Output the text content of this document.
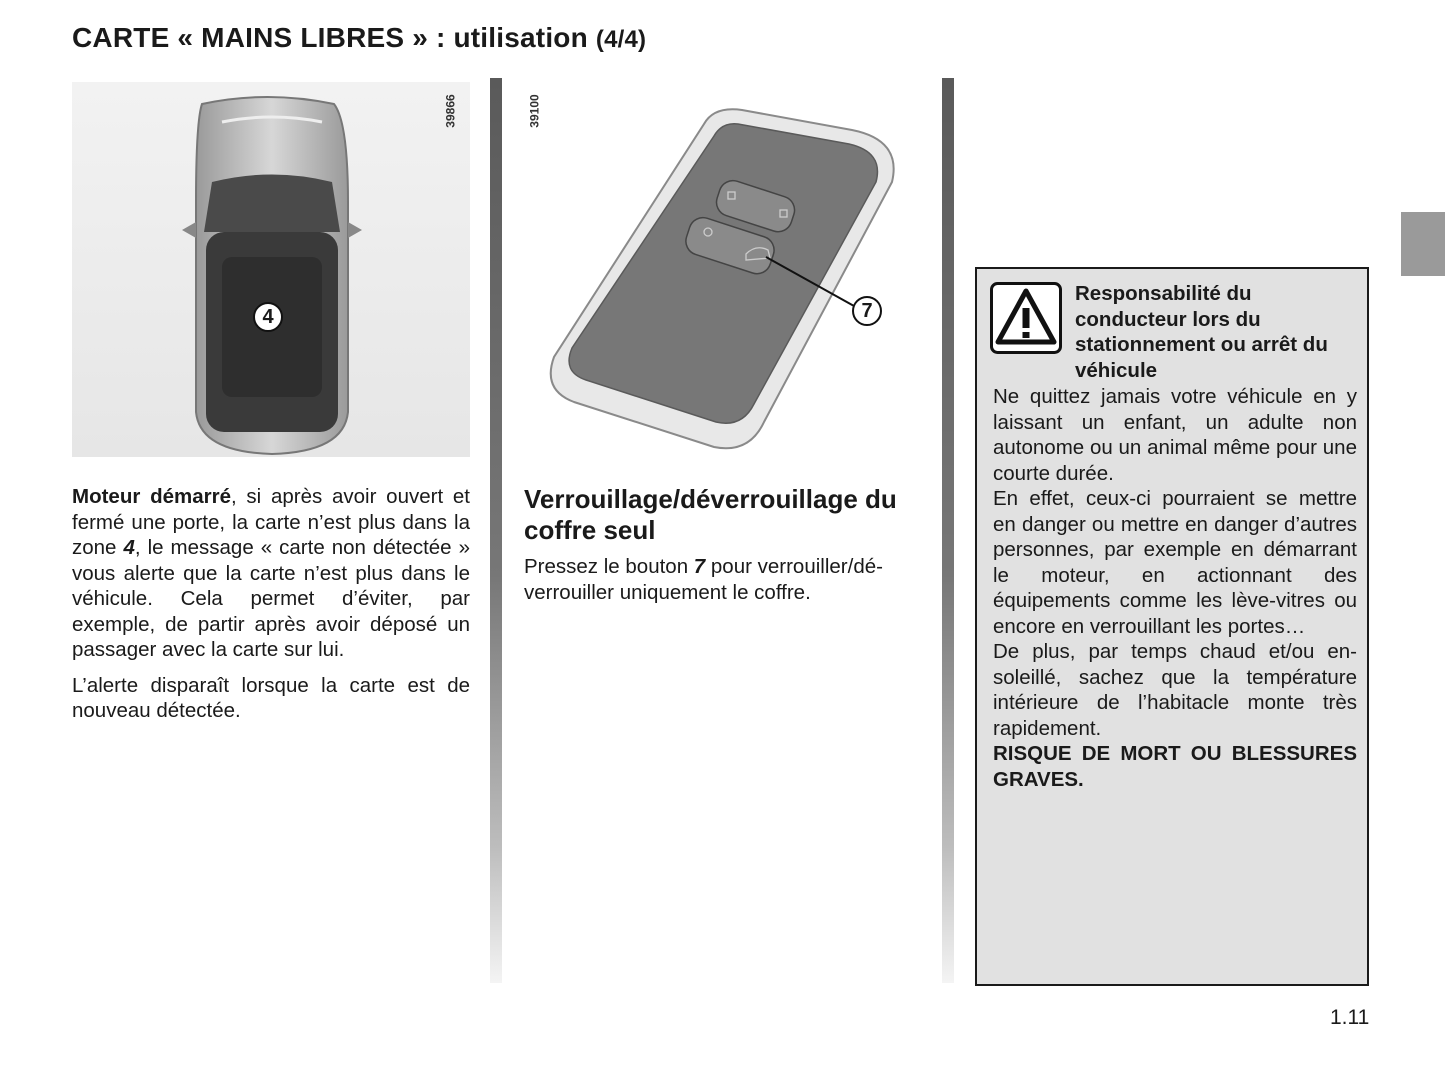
CARTE « MAINS LIBRES » : utilisation (4/4)
4
39866
7
39100

Moteur démarré, si après avoir ouvert et fermé une porte, la carte n’est plus dans la zone 4, le message « carte non détectée » vous alerte que la carte n’est plus dans le véhicule. Cela permet d’éviter, par exemple, de partir après avoir déposé un passager avec la carte sur lui.

L’alerte disparaît lorsque la carte est de nouveau détectée.

Verrouillage/déverrouillage du coffre seul

Pressez le bouton 7 pour verrouiller/déverrouiller uniquement le coffre.

Responsabilité du conducteur lors du stationnement ou arrêt du véhicule

Ne quittez jamais votre véhicule en y laissant un enfant, un adulte non autonome ou un animal même pour une courte durée.

En effet, ceux-ci pourraient se mettre en danger ou mettre en danger d’autres personnes, par exemple en démarrant le moteur, en actionnant des équipements comme les lève-vitres ou encore en verrouillant les portes…

De plus, par temps chaud et/ou ensoleillé, sachez que la température intérieure de l’habitacle monte très rapidement.

RISQUE DE MORT OU BLESSURES GRAVES.

1.11
